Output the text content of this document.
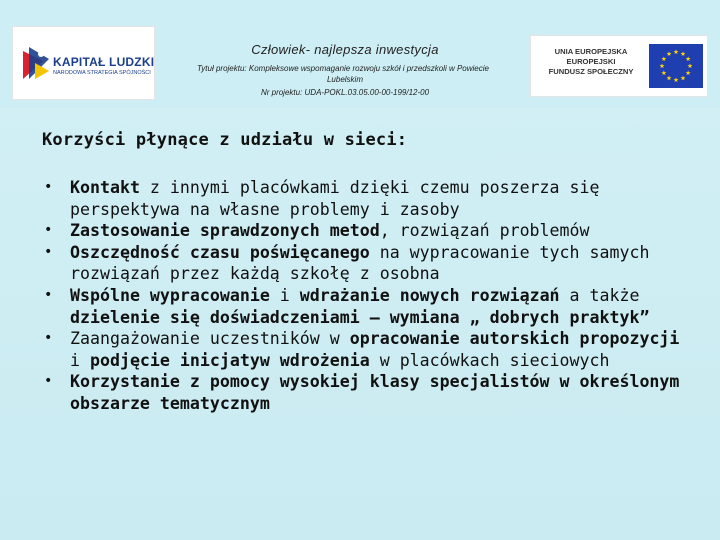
KAPITAŁ LUDZKI
NARODOWA STRATEGIA SPÓJNOŚCI
Człowiek- najlepsza inwestycja
Tytuł projektu: Kompleksowe wspomaganie rozwoju szkół i przedszkoli w Powiecie
Lubelskim
Nr projektu: UDA-POKL.03.05.00-00-199/12-00
UNIA EUROPEJSKA
EUROPEJSKI
FUNDUSZ SPOŁECZNY
Korzyści płynące z udziału w sieci:
• Kontakt z innymi placówkami dzięki czemu poszerza się perspektywa na własne problemy i zasoby
• Zastosowanie sprawdzonych metod, rozwiązań problemów
• Oszczędność czasu poświęcanego na wypracowanie tych samych rozwiązań przez każdą szkołę z osobna
• Wspólne wypracowanie i wdrażanie nowych rozwiązań a także dzielenie się doświadczeniami – wymiana „ dobrych praktyk”
• Zaangażowanie uczestników w opracowanie autorskich propozycji i podjęcie inicjatyw wdrożenia w placówkach sieciowych
• Korzystanie z pomocy wysokiej klasy specjalistów w określonym obszarze tematycznym
